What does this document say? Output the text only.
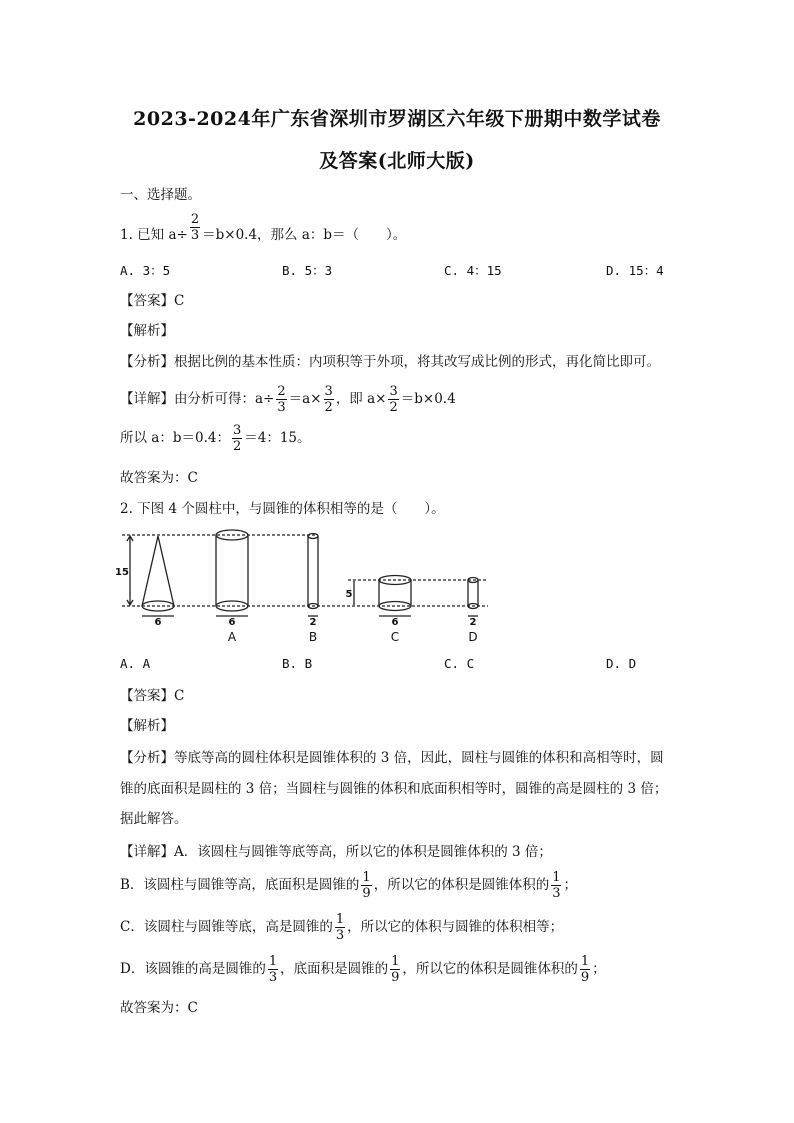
2023-2024年广东省深圳市罗湖区六年级下册期中数学试卷
及答案(北师大版)
一、选择题。
1. 已知 $a\div \frac{2}{3} =b\times 0.4$，那么 a：b＝（　　）。
A. 3：5	B. 5：3	C. 4：15	D. 15：4
【答案】C
【解析】
【分析】根据比例的基本性质：内项积等于外项，将其改写成比例的形式，再化简比即可。
【详解】由分析可得：$a\div \frac{2}{3} =a\times \frac{3}{2}$ ，即 $a\times \frac{3}{2} =b\times 0.4$
所以 a：b＝0.4： $\frac{3}{2} =4$：15。
故答案为：C
2. 下图 4 个圆柱中，与圆锥的体积相等的是（　　）。
15
6	6	2
5
6	2
A	B	C	D
A. A	B. B	C. C	D. D
【答案】C
【解析】
【分析】等底等高的圆柱体积是圆锥体积的 3 倍，因此，圆柱与圆锥的体积和高相等时，圆
锥的底面积是圆柱的 3 倍；当圆柱与圆锥的体积和底面积相等时，圆锥的高是圆柱的 3 倍；
据此解答。
【详解】A．该圆柱与圆锥等底等高，所以它的体积是圆锥体积的 3 倍；
B．该圆柱与圆锥等高，底面积是圆锥的 $\frac{1}{9}$ ，所以它的体积是圆锥体积的 $\frac{1}{3}$ ；
C．该圆柱与圆锥等底，高是圆锥的 $\frac{1}{3}$ ，所以它的体积与圆锥的体积相等；
D．该圆锥的高是圆锥的 $\frac{1}{3}$ ，底面积是圆锥的 $\frac{1}{9}$ ，所以它的体积是圆锥体积的 $\frac{1}{9}$ ；
故答案为：C
